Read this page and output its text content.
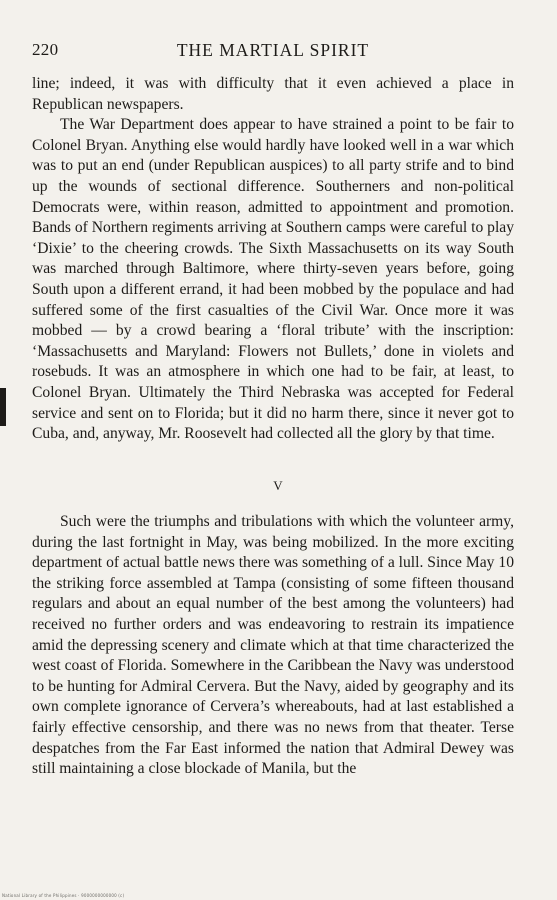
220	THE MARTIAL SPIRIT

line; indeed, it was with difficulty that it even achieved a place in Republican newspapers.

The War Department does appear to have strained a point to be fair to Colonel Bryan. Anything else would hardly have looked well in a war which was to put an end (under Republican auspices) to all party strife and to bind up the wounds of sectional difference. Southerners and non-political Democrats were, within reason, admitted to appointment and promotion. Bands of Northern regiments arriving at Southern camps were careful to play ‘Dixie’ to the cheering crowds. The Sixth Massachusetts on its way South was marched through Baltimore, where thirty-seven years before, going South upon a different errand, it had been mobbed by the populace and had suffered some of the first casualties of the Civil War. Once more it was mobbed — by a crowd bearing a ‘floral tribute’ with the inscription: ‘Massachusetts and Maryland: Flowers not Bullets,’ done in violets and rosebuds. It was an atmosphere in which one had to be fair, at least, to Colonel Bryan. Ultimately the Third Nebraska was accepted for Federal service and sent on to Florida; but it did no harm there, since it never got to Cuba, and, anyway, Mr. Roosevelt had collected all the glory by that time.

V

Such were the triumphs and tribulations with which the volunteer army, during the last fortnight in May, was being mobilized. In the more exciting department of actual battle news there was something of a lull. Since May 10 the striking force assembled at Tampa (consisting of some fifteen thousand regulars and about an equal number of the best among the volunteers) had received no further orders and was endeavoring to restrain its impatience amid the depressing scenery and climate which at that time characterized the west coast of Florida. Somewhere in the Caribbean the Navy was understood to be hunting for Admiral Cervera. But the Navy, aided by geography and its own complete ignorance of Cervera’s whereabouts, had at last established a fairly effective censorship, and there was no news from that theater. Terse despatches from the Far East informed the nation that Admiral Dewey was still maintaining a close blockade of Manila, but the

National Library of the Philippines · 9000000000000 (c)
